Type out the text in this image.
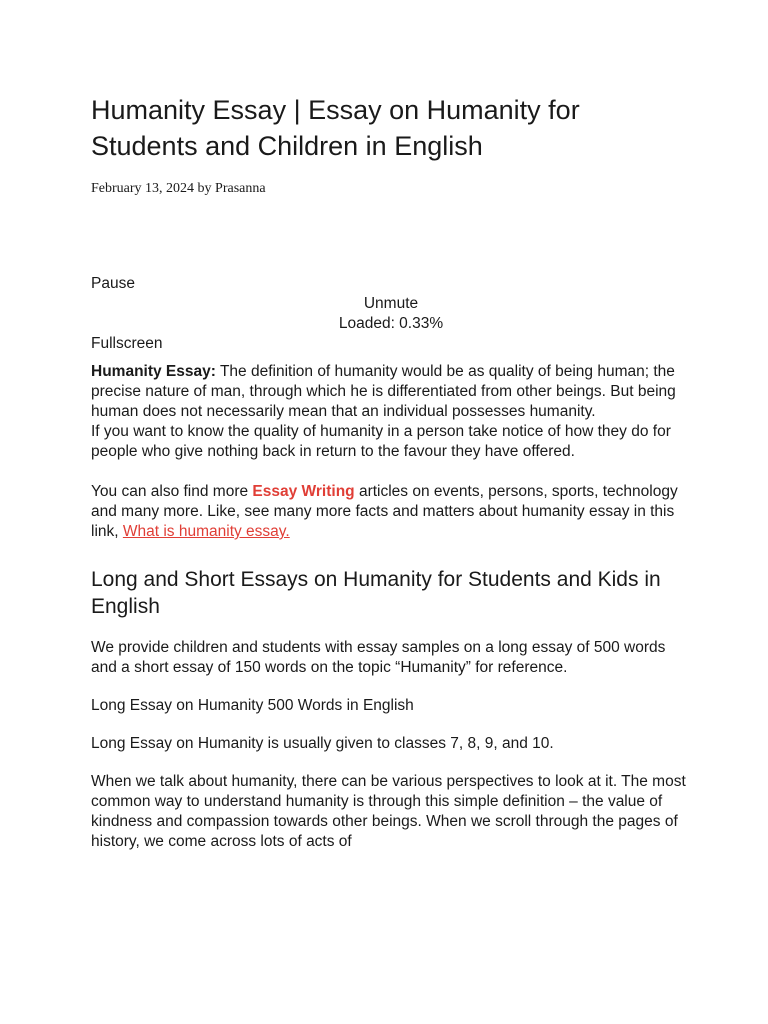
Humanity Essay | Essay on Humanity for Students and Children in English
February 13, 2024 by Prasanna
Pause
Unmute
Loaded: 0.33%
Fullscreen

Humanity Essay: The definition of humanity would be as quality of being human; the precise nature of man, through which he is differentiated from other beings. But being human does not necessarily mean that an individual possesses humanity.
If you want to know the quality of humanity in a person take notice of how they do for people who give nothing back in return to the favour they have offered.

You can also find more Essay Writing articles on events, persons, sports, technology and many more. Like, see many more facts and matters about humanity essay in this link, What is humanity essay.

Long and Short Essays on Humanity for Students and Kids in English

We provide children and students with essay samples on a long essay of 500 words and a short essay of 150 words on the topic “Humanity” for reference.

Long Essay on Humanity 500 Words in English

Long Essay on Humanity is usually given to classes 7, 8, 9, and 10.

When we talk about humanity, there can be various perspectives to look at it. The most common way to understand humanity is through this simple definition – the value of kindness and compassion towards other beings. When we scroll through the pages of history, we come across lots of acts of
